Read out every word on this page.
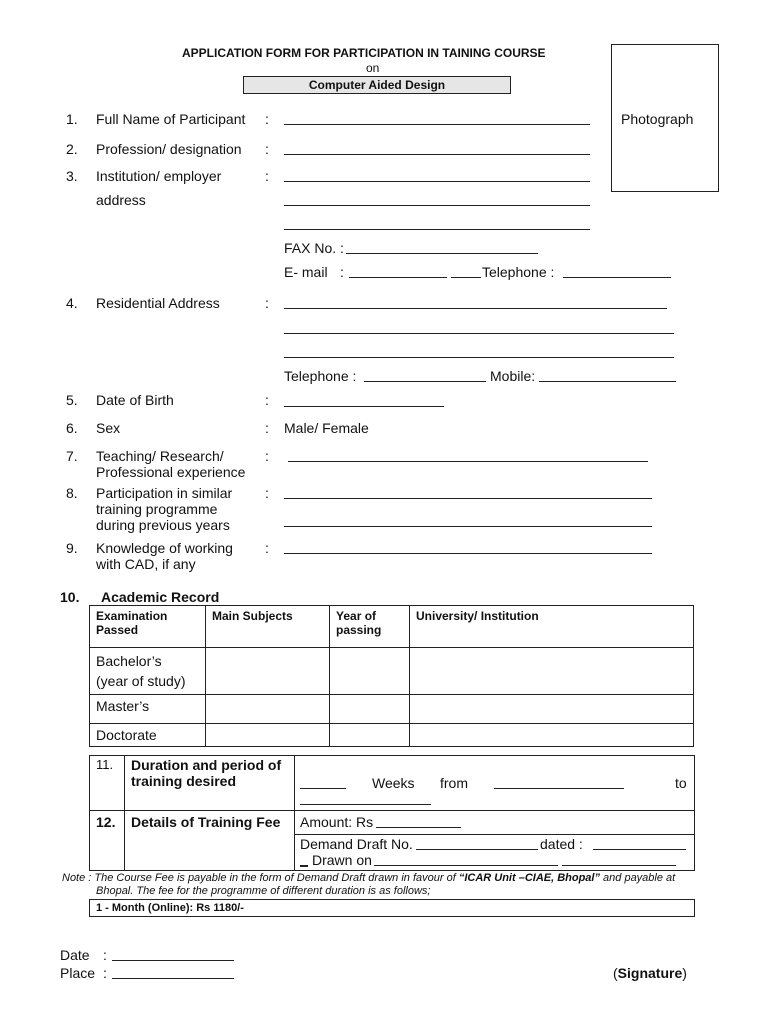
APPLICATION FORM FOR PARTICIPATION IN TAINING COURSE
on
Computer Aided Design
Photograph
1. Full Name of Participant :
2. Profession/ designation :
3. Institution/ employer
address
:
FAX No. :
E- mail :	Telephone :
4. Residential Address	:
Telephone :	Mobile:
5. Date of Birth	:
6. Sex	: Male/ Female
7. Teaching/ Research/
Professional experience
:
8. Participation in similar
training programme
during previous years
:
9. Knowledge of working
with CAD, if any
:
10. Academic Record
Examination Passed	Main Subjects	Year of passing	University/ Institution

Bachelor’s
(year of study)			

Master’s			
Doctorate			
11. Duration and period of training desired	Weeks from	to
12. Details of Training Fee Amount: Rs
Demand Draft No.	dated :
Drawn on
Note : The Course Fee is payable in the form of Demand Draft drawn in favour of “ICAR Unit –CIAE, Bhopal” and payable at
Bhopal. The fee for the programme of different duration is as follows;
1 - Month (Online): Rs 1180/-
Date :
Place :	(Signature)
